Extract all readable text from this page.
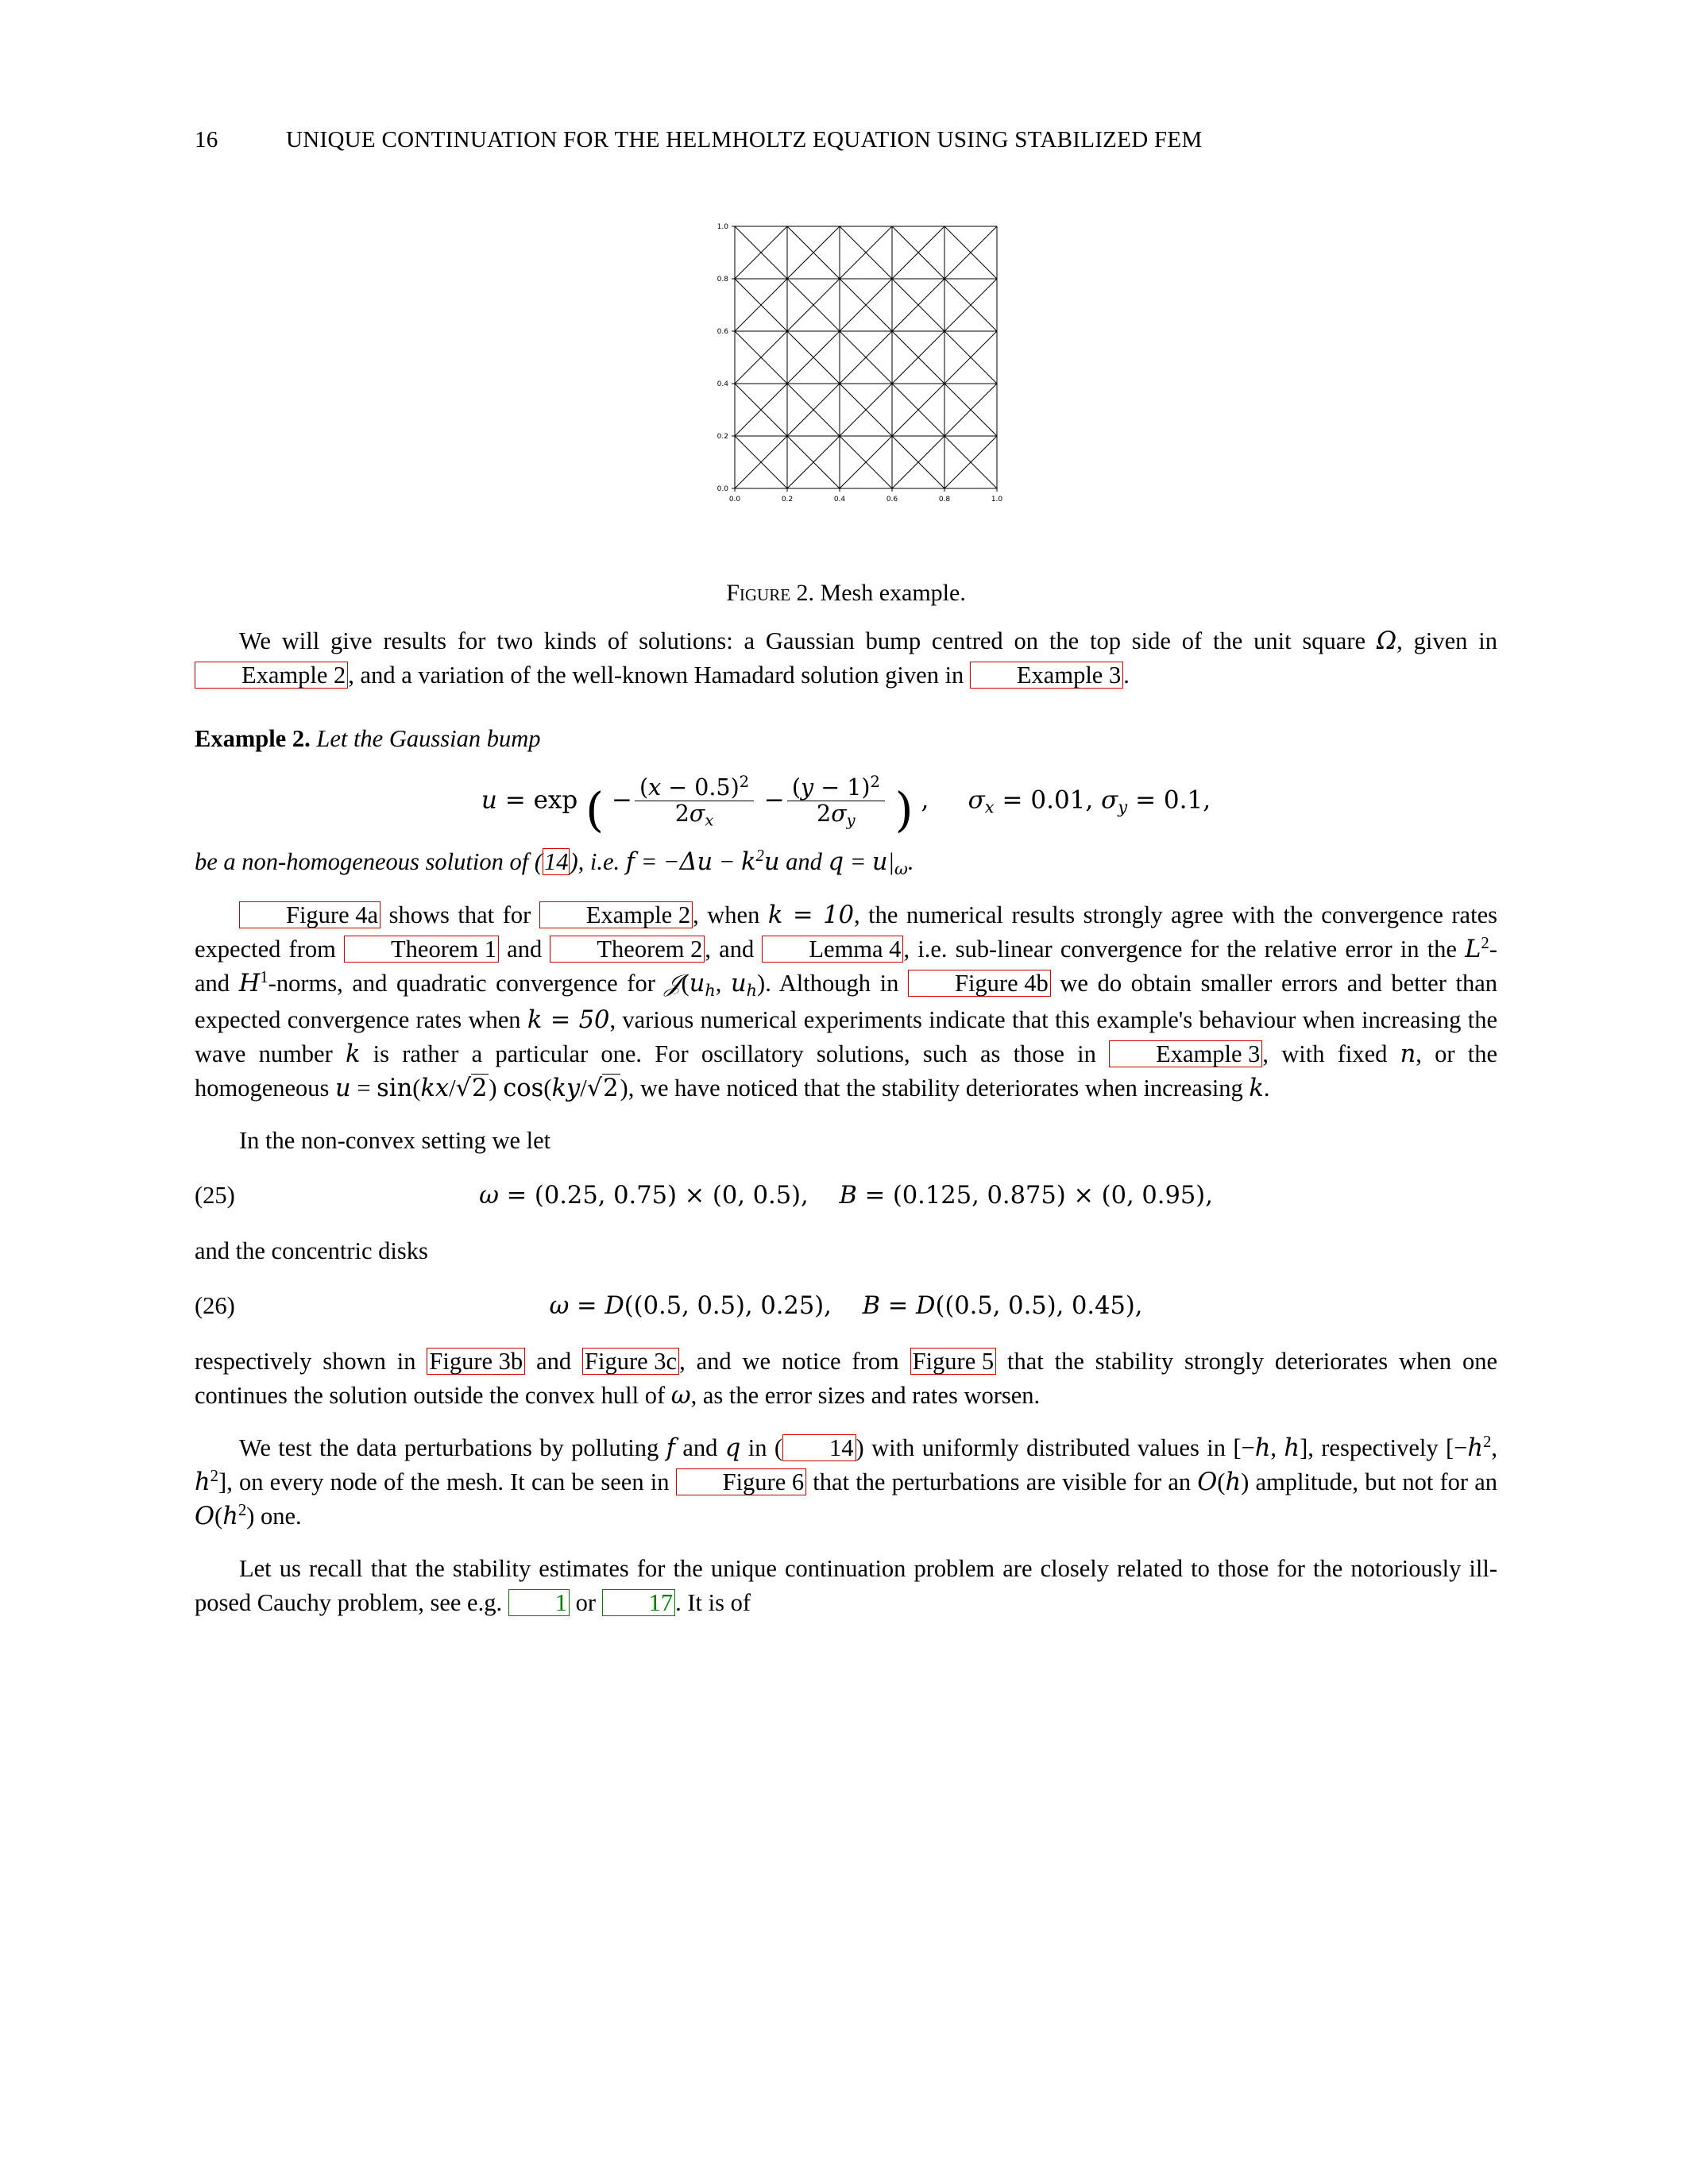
16	UNIQUE CONTINUATION FOR THE HELMHOLTZ EQUATION USING STABILIZED FEM
0.0	0.2	0.4	0.6	0.8	1.0
0.0
0.2
0.4
0.6
0.8
1.0
Figure 2. Mesh example.

We will give results for two kinds of solutions: a Gaussian bump centred on the top side of the unit square Ω, given in Example 2, and a variation of the well-known Hamadard solution given in Example 3.

Example 2. Let the Gaussian bump
u = exp ( − $\frac{(x - 0.5)^2}{2\sigma_x} - \frac{(y - 1)^2}{2\sigma_y}$ ) ,     $\sigma_x = 0.01$, $\sigma_y = 0.1$,

be a non-homogeneous solution of (14), i.e. $f = -\Delta u - k^2u$ and $q = u|_\omega$.

Figure 4a shows that for Example 2, when k = 10, the numerical results strongly agree with the convergence rates expected from Theorem 1 and Theorem 2, and Lemma 4, i.e. sub-linear convergence for the relative error in the $L^2-$ and $H^1$-norms, and quadratic convergence for $𝒥(u_h$, $u_h$). Although in Figure 4b we do obtain smaller errors and better than expected convergence rates when k = 50, various numerical experiments indicate that this example's behaviour when increasing the wave number k is rather a particular one. For oscillatory solutions, such as those in Example 3, with fixed n, or the homogeneous u = sin(kx/√2) cos(ky/√2), we have noticed that the stability deteriorates when increasing k.

In the non-convex setting we let

(25)	ω = (0.25, 0.75) × (0, 0.5),    B = (0.125, 0.875) × (0, 0.95),

and the concentric disks

(26)	ω = D((0.5, 0.5), 0.25),    B = D((0.5, 0.5), 0.45),

respectively shown in Figure 3b and Figure 3c, and we notice from Figure 5 that the stability strongly deteriorates when one continues the solution outside the convex hull of ω, as the error sizes and rates worsen.

We test the data perturbations by polluting f and q in ( 14) with uniformly distributed values in [−h, h], respectively [$-h^2$, $h^2$], on every node of the mesh. It can be seen in Figure 6 that the perturbations are visible for an O(h) amplitude, but not for an $O(h^2)$ one.

Let us recall that the stability estimates for the unique continuation problem are closely related to those for the notoriously ill-posed Cauchy problem, see e.g. 1 or 17. It is of
